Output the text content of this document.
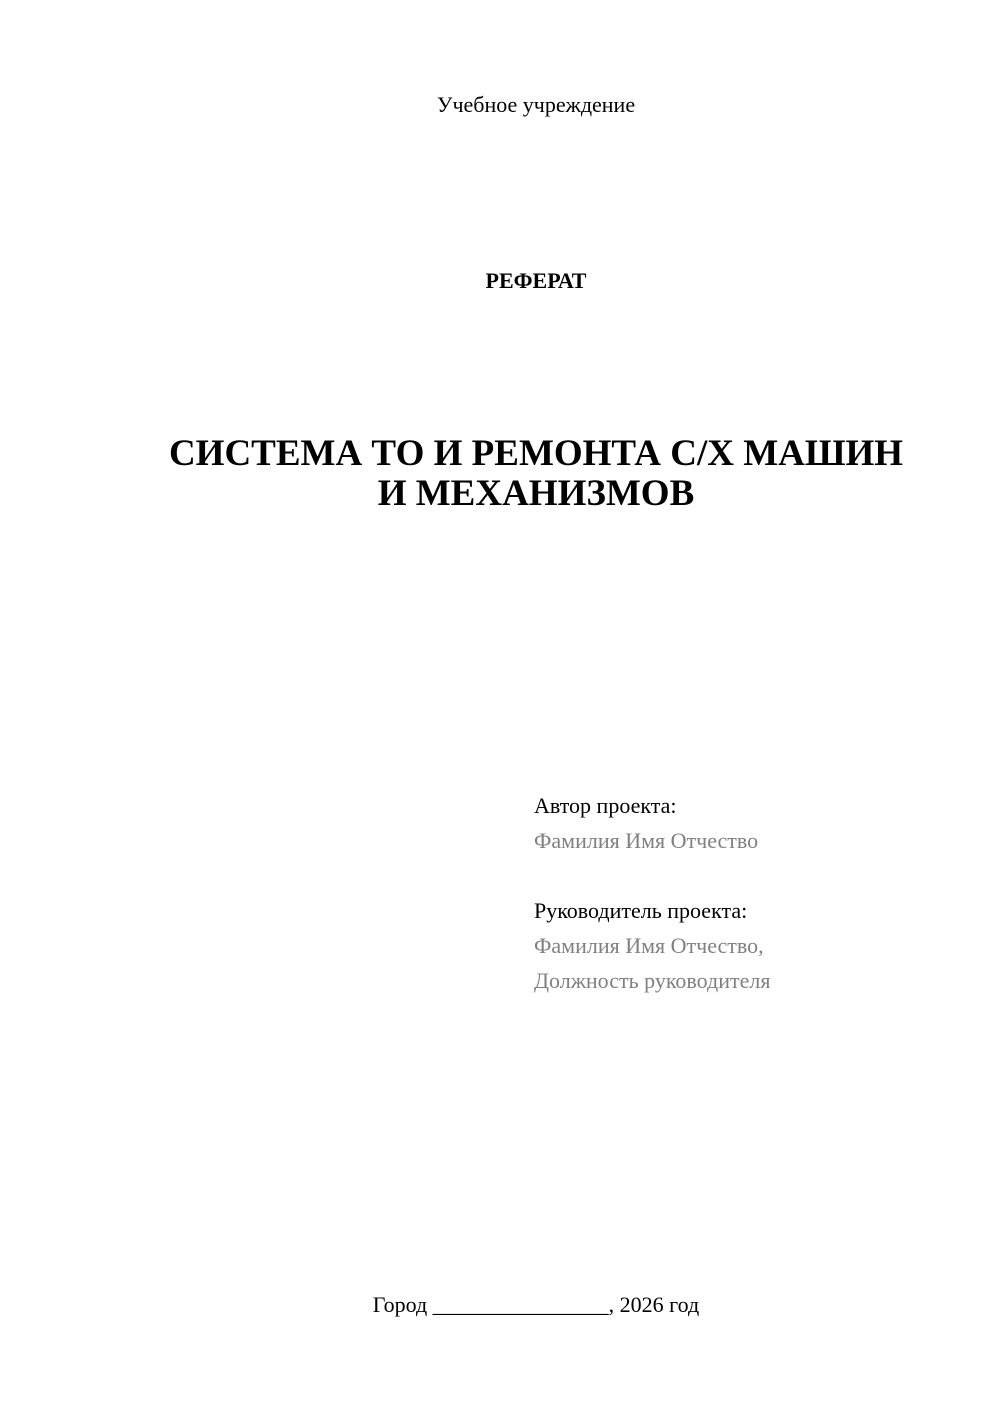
Учебное учреждение
РЕФЕРАТ
СИСТЕМА ТО И РЕМОНТА С/Х МАШИН
И МЕХАНИЗМОВ
Автор проекта:
Фамилия Имя Отчество
Руководитель проекта:
Фамилия Имя Отчество,
Должность руководителя
Город ________________, 2026 год
